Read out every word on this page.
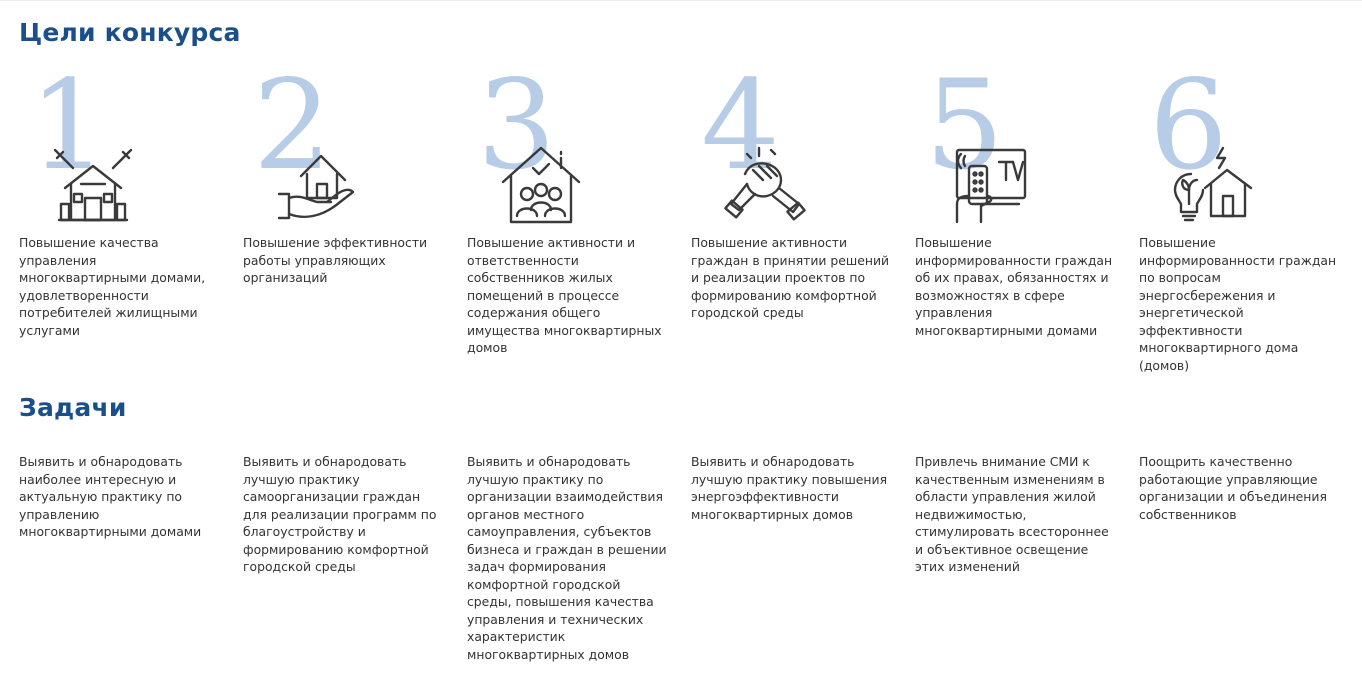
Цели конкурса
1

Повышение качества управления многоквартирными домами, удовлетворенности потребителей жилищными услугами

2

Повышение эффективности работы управляющих организаций

3

Повышение активности и ответственности собственников жилых помещений в процессе содержания общего имущества многоквартирных домов

4

Повышение активности граждан в принятии решений и реализации проектов по формированию комфортной городской среды

5

Повышение информированности граждан об их правах, обязанностях и возможностях в сфере управления многоквартирными домами

6

Повышение информированности граждан по вопросам энергосбережения и энергетической эффективности многоквартирного дома (домов)

Задачи

Выявить и обнародовать наиболее интересную и актуальную практику по управлению многоквартирными домами

Выявить и обнародовать лучшую практику самоорганизации граждан для реализации программ по благоустройству и формированию комфортной городской среды

Выявить и обнародовать лучшую практику по организации взаимодействия органов местного самоуправления, субъектов бизнеса и граждан в решении задач формирования комфортной городской среды, повышения качества управления и технических характеристик многоквартирных домов

Выявить и обнародовать лучшую практику повышения энергоэффективности многоквартирных домов

Привлечь внимание СМИ к качественным изменениям в области управления жилой недвижимостью, стимулировать всестороннее и объективное освещение этих изменений

Поощрить качественно работающие управляющие организации и объединения собственников
